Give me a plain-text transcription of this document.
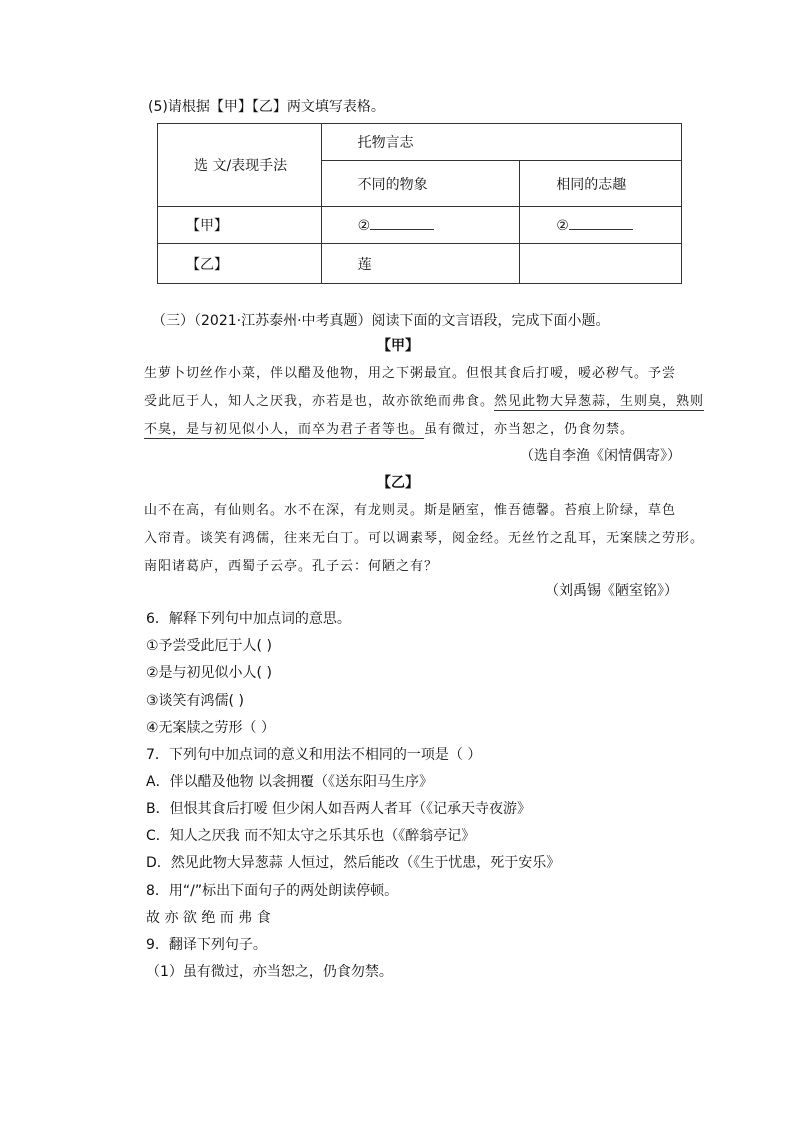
(5)请根据【甲】【乙】两文填写表格。
选 文/表现手法	托物言志	
	不同的物象	相同的志趣
【甲】	②	②
【乙】	莲	
（三）（2021·江苏泰州·中考真题）阅读下面的文言语段，完成下面小题。
【甲】
生萝卜切丝作小菜，伴以醋及他物，用之下粥最宜。但恨其食后打嗳，嗳必秽气。予尝
受此厄于人，知人之厌我，亦若是也，故亦欲绝而弗食。然见此物大异葱蒜，生则臭，熟则
不臭，是与初见似小人，而卒为君子者等也。虽有微过，亦当恕之，仍食勿禁。
（选自李渔《闲情偶寄》）
【乙】
山不在高，有仙则名。水不在深，有龙则灵。斯是陋室，惟吾德馨。苔痕上阶绿，草色
入帘青。谈笑有鸿儒，往来无白丁。可以调素琴，阅金经。无丝竹之乱耳，无案牍之劳形。
南阳诸葛庐，西蜀子云亭。孔子云：何陋之有？
（刘禹锡《陋室铭》）
6．解释下列句中加点词的意思。
①予尝受此厄于人( )
②是与初见似小人( )
③谈笑有鸿儒( )
④无案牍之劳形（ ）
7．下列句中加点词的意义和用法不相同的一项是（ ）
A．伴以醋及他物 以衾拥覆（《送东阳马生序》
B．但恨其食后打嗳 但少闲人如吾两人者耳（《记承天寺夜游》
C．知人之厌我 而不知太守之乐其乐也（《醉翁亭记》
D．然见此物大异葱蒜 人恒过，然后能改（《生于忧患，死于安乐》
8．用“/”标出下面句子的两处朗读停顿。
故 亦 欲 绝 而 弗 食
9．翻译下列句子。
（1）虽有微过，亦当恕之，仍食勿禁。
